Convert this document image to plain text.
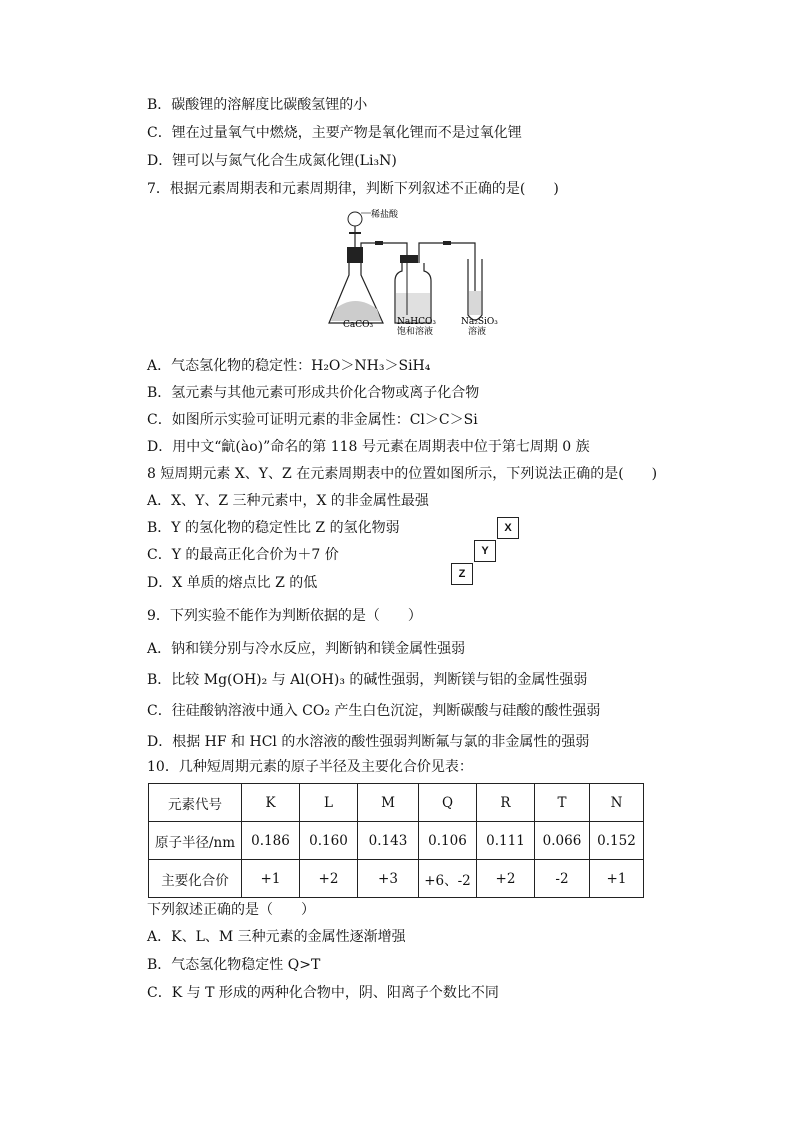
B．碳酸锂的溶解度比碳酸氢锂的小
C．锂在过量氧气中燃烧，主要产物是氧化锂而不是过氧化锂
D．锂可以与氮气化合生成氮化锂(Li₃N)
7．根据元素周期表和元素周期律，判断下列叙述不正确的是(　　)
稀盐酸
CaCO₃	NaHCO₃
饱和溶液
Na₂SiO₃
溶液
A．气态氢化物的稳定性：H₂O＞NH₃＞SiH₄
B．氢元素与其他元素可形成共价化合物或离子化合物
C．如图所示实验可证明元素的非金属性：Cl＞C＞Si
D．用中文“䶳(ào)”命名的第 118 号元素在周期表中位于第七周期 0 族
8 短周期元素 X、Y、Z 在元素周期表中的位置如图所示，下列说法正确的是(　　)
A．X、Y、Z 三种元素中，X 的非金属性最强
B．Y 的氢化物的稳定性比 Z 的氢化物弱
C．Y 的最高正化合价为＋7 价
D．X 单质的熔点比 Z 的低
X
Y
Z
9．下列实验不能作为判断依据的是（　　）
A．钠和镁分别与冷水反应，判断钠和镁金属性强弱
B．比较 Mg(OH)₂ 与 Al(OH)₃ 的碱性强弱，判断镁与铝的金属性强弱
C．往硅酸钠溶液中通入 CO₂ 产生白色沉淀，判断碳酸与硅酸的酸性强弱
D．根据 HF 和 HCl 的水溶液的酸性强弱判断氟与氯的非金属性的强弱
10．几种短周期元素的原子半径及主要化合价见表：
元素代号	K	L	M	Q	R	T	N
原子半径/nm	0.186	0.160	0.143	0.106	0.111	0.066	0.152
主要化合价	+1	+2	+3	+6、-2	+2	-2	+1
下列叙述正确的是（　　）
A．K、L、M 三种元素的金属性逐渐增强
B．气态氢化物稳定性 Q>T
C．K 与 T 形成的两种化合物中，阴、阳离子个数比不同
